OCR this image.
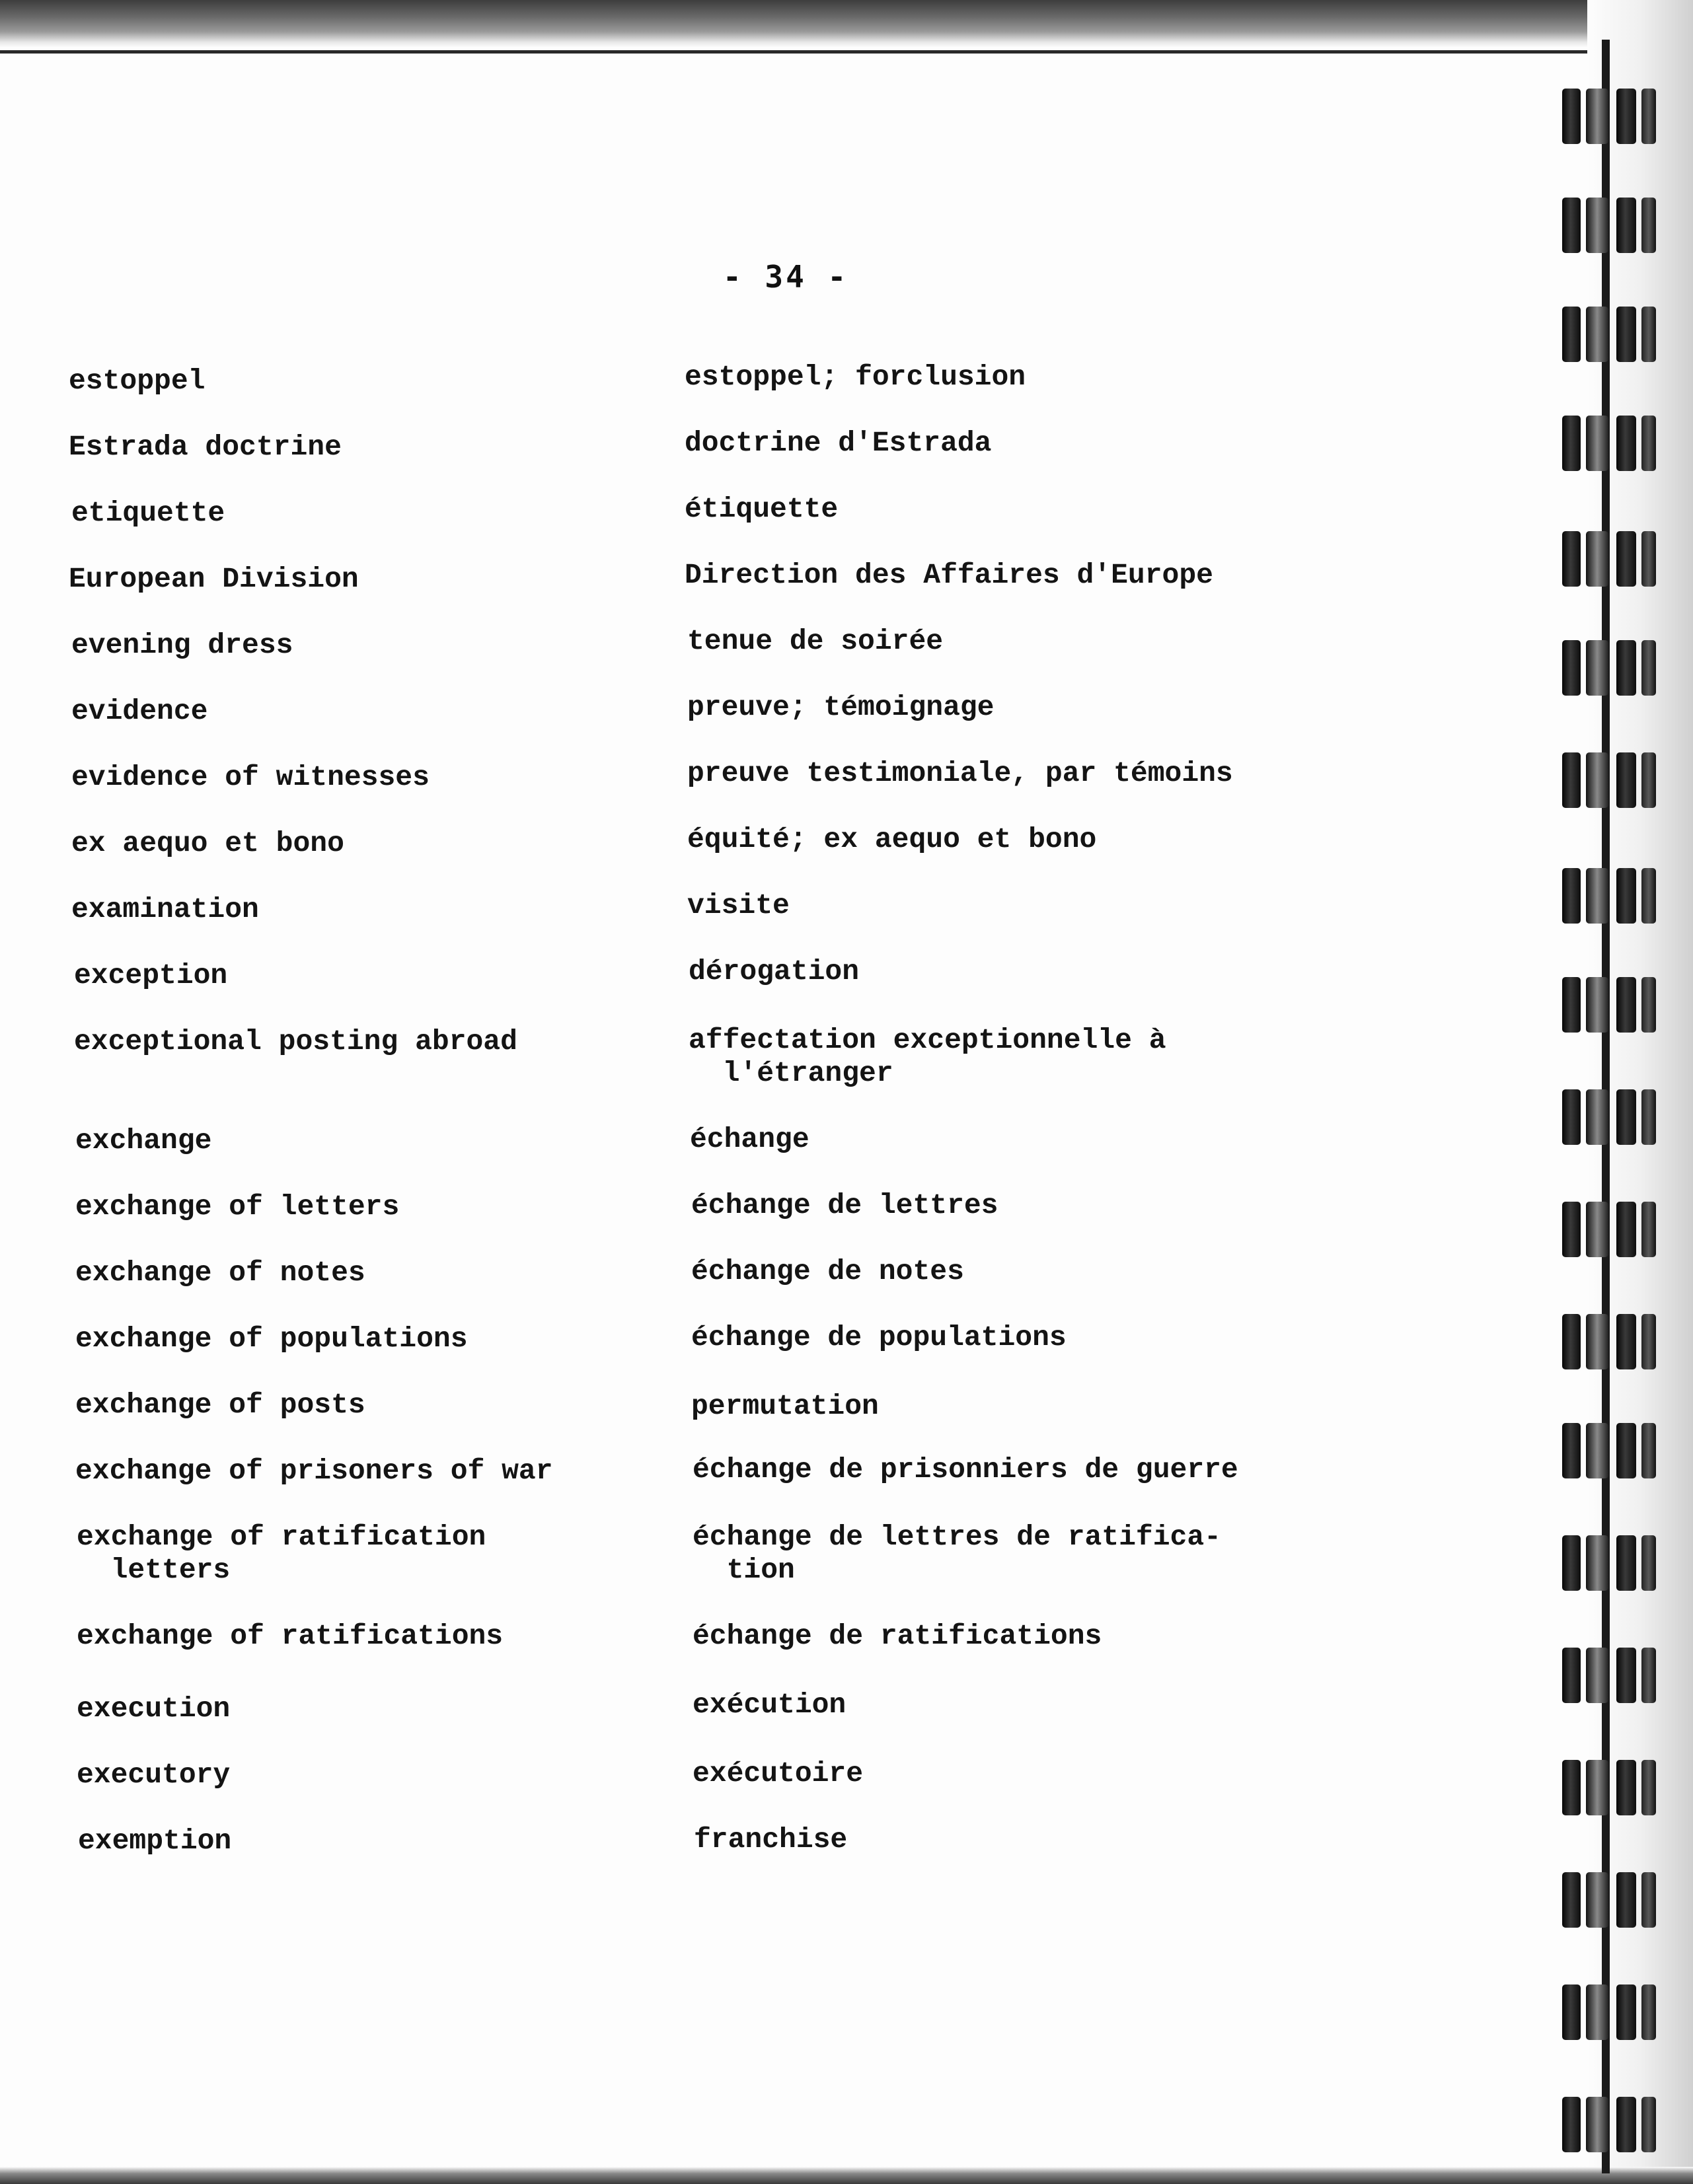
- 34 -
estoppel
Estrada doctrine
etiquette
European Division
evening dress
evidence
evidence of witnesses
ex aequo et bono
examination
exception
exceptional posting abroad
exchange
exchange of letters
exchange of notes
exchange of populations
exchange of posts
exchange of prisoners of war
exchange of ratification
letters
exchange of ratifications
execution
executory
exemption
estoppel; forclusion
doctrine d'Estrada
étiquette
Direction des Affaires d'Europe
tenue de soirée
preuve; témoignage
preuve testimoniale, par témoins
équité; ex aequo et bono
visite
dérogation
affectation exceptionnelle à
l'étranger
échange
échange de lettres
échange de notes
échange de populations
permutation
échange de prisonniers de guerre
échange de lettres de ratifica-
tion
échange de ratifications
exécution
exécutoire
franchise
